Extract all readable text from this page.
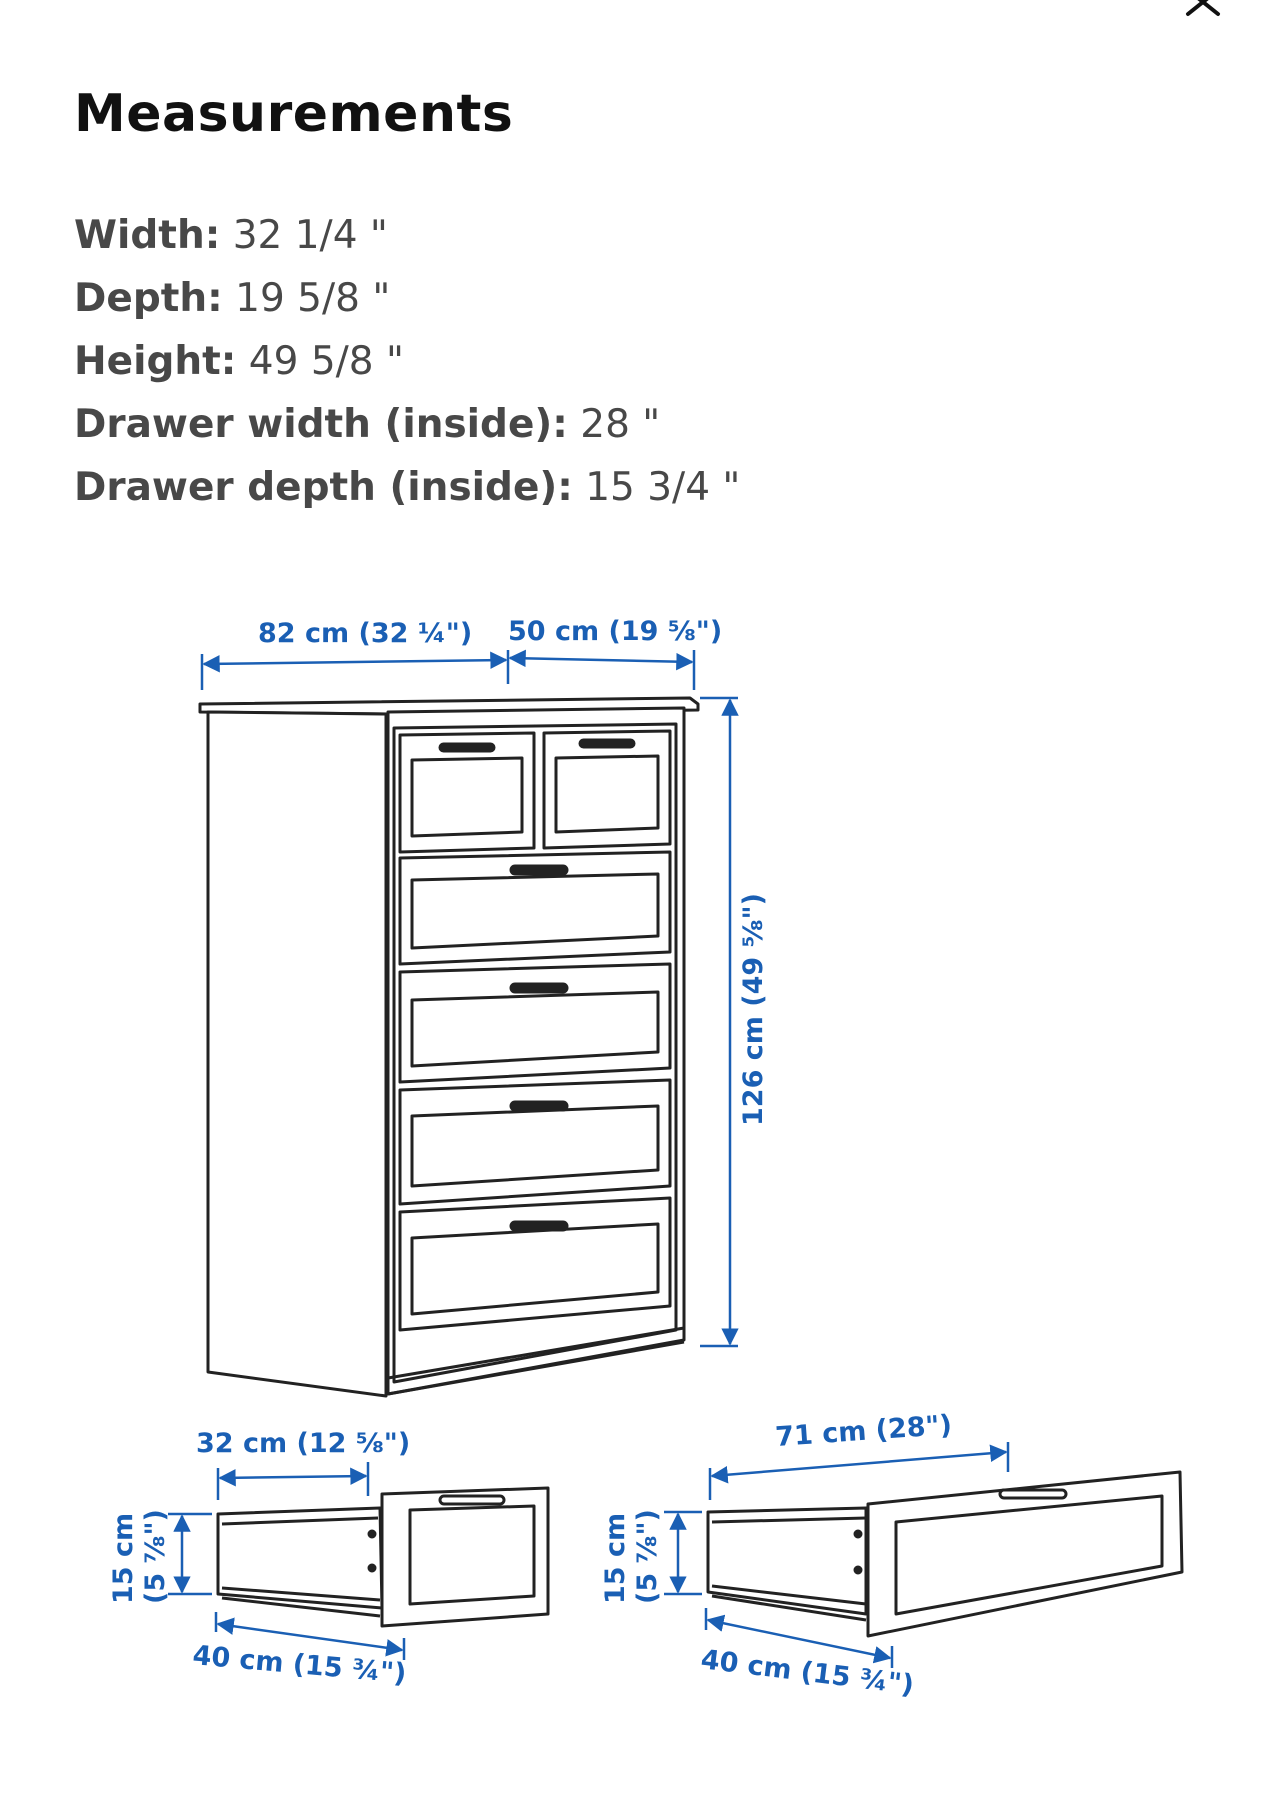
Measurements
Width: 32 1/4 "
Depth: 19 5/8 "
Height: 49 5/8 "
Drawer width (inside): 28 "
Drawer depth (inside): 15 3/4 "
82 cm (32 ¼") 50 cm (19 ⅝")
126 cm (49 ⅝")
32 cm (12 ⅝")
15 cm (5 ⅞")
40 cm (15 ¾")
71 cm (28")
15 cm (5 ⅞")
40 cm (15 ¾")
